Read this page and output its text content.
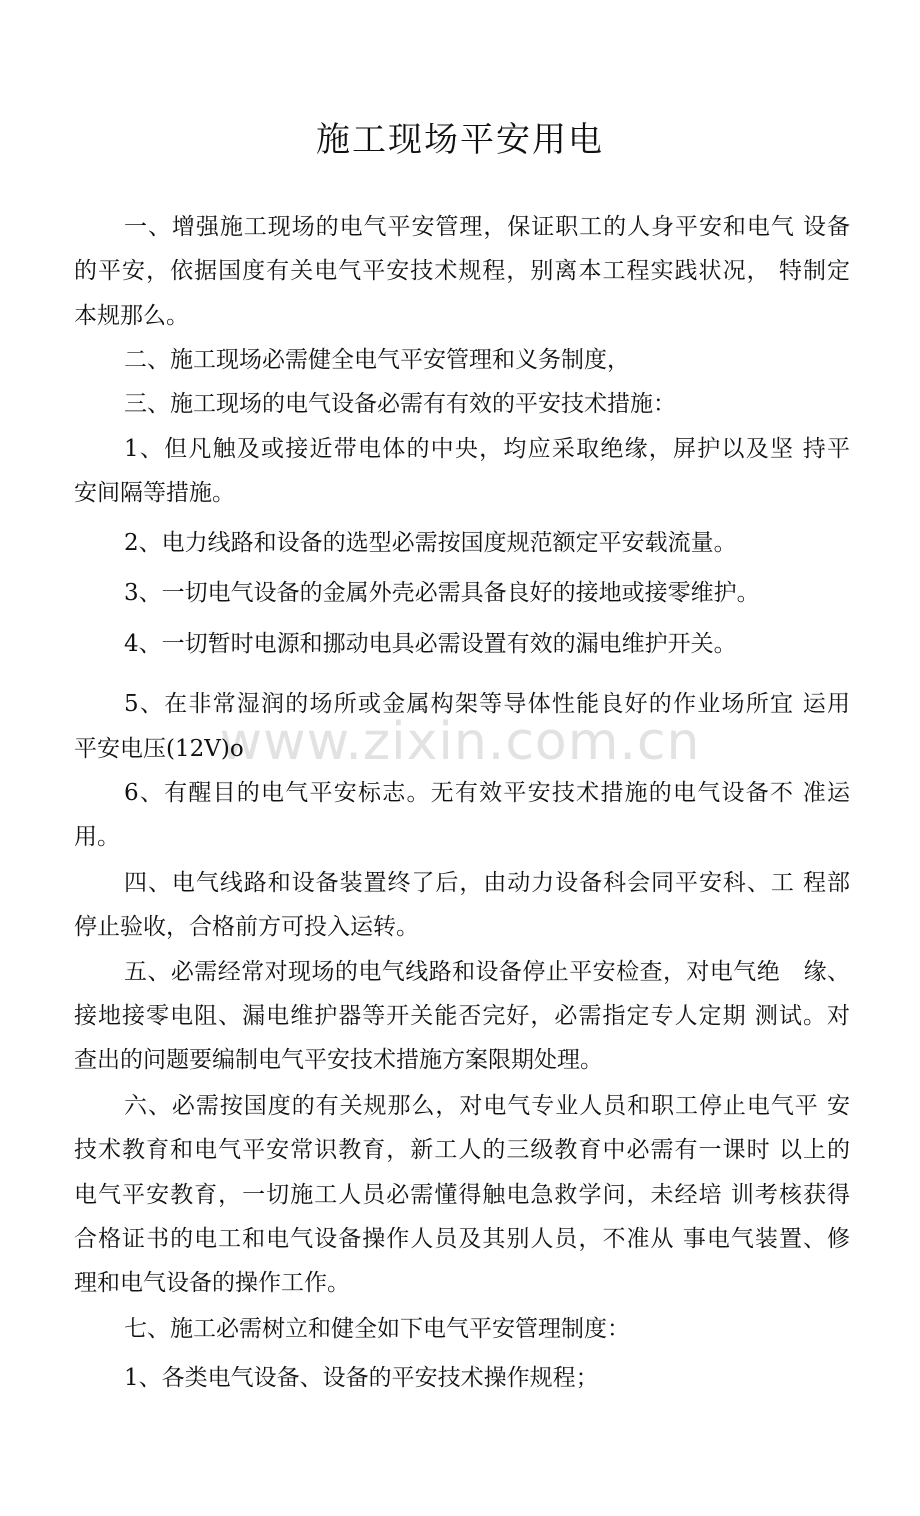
www.zixin.com.cn
施工现场平安用电
一、增强施工现场的电气平安管理，保证职工的人身平安和电气 设备
的平安，依据国度有关电气平安技术规程，别离本工程实践状况， 特制定
本规那么。
二、施工现场必需健全电气平安管理和义务制度，
三、施工现场的电气设备必需有有效的平安技术措施：
1、但凡触及或接近带电体的中央，均应采取绝缘，屏护以及坚 持平
安间隔等措施。
2、电力线路和设备的选型必需按国度规范额定平安载流量。
3、一切电气设备的金属外壳必需具备良好的接地或接零维护。
4、一切暂时电源和挪动电具必需设置有效的漏电维护开关。
5、在非常湿润的场所或金属构架等导体性能良好的作业场所宜 运用
平安电压(12V)o
6、有醒目的电气平安标志。无有效平安技术措施的电气设备不 准运
用。
四、电气线路和设备装置终了后，由动力设备科会同平安科、工 程部
停止验收，合格前方可投入运转。
五、必需经常对现场的电气线路和设备停止平安检查，对电气绝　缘、
接地接零电阻、漏电维护器等开关能否完好，必需指定专人定期 测试。对
查出的问题要编制电气平安技术措施方案限期处理。
六、必需按国度的有关规那么，对电气专业人员和职工停止电气平 安
技术教育和电气平安常识教育，新工人的三级教育中必需有一课时 以上的
电气平安教育，一切施工人员必需懂得触电急救学问，未经培 训考核获得
合格证书的电工和电气设备操作人员及其别人员，不准从 事电气装置、修
理和电气设备的操作工作。
七、施工必需树立和健全如下电气平安管理制度：
1、各类电气设备、设备的平安技术操作规程；
